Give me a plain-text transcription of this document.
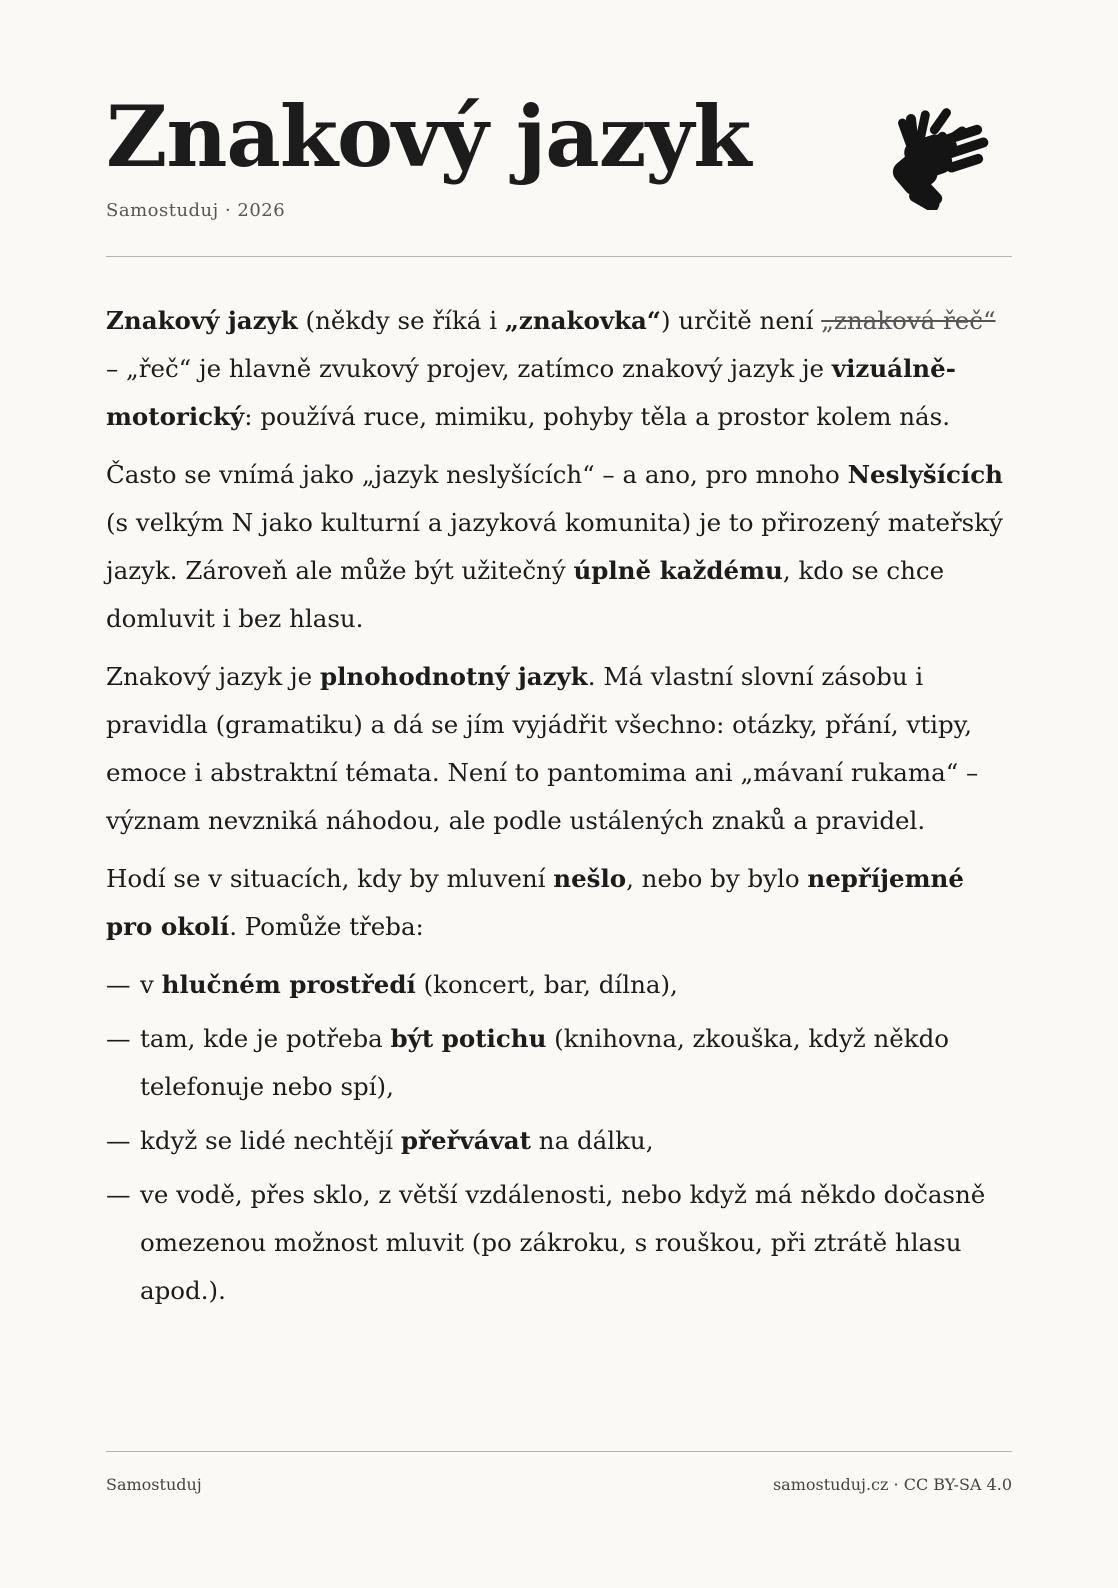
Znakový jazyk
Samostuduj · 2026

Znakový jazyk (někdy se říká i „znakovka“) určitě není „znaková řeč“ – „řeč“ je hlavně zvukový projev, zatímco znakový jazyk je vizuálně-motorický: používá ruce, mimiku, pohyby těla a prostor kolem nás.

Často se vnímá jako „jazyk neslyšících“ – a ano, pro mnoho Neslyšících (s velkým N jako kulturní a jazyková komunita) je to přirozený mateřský jazyk. Zároveň ale může být užitečný úplně každému, kdo se chce domluvit i bez hlasu.

Znakový jazyk je plnohodnotný jazyk. Má vlastní slovní zásobu i pravidla (gramatiku) a dá se jím vyjádřit všechno: otázky, přání, vtipy, emoce i abstraktní témata. Není to pantomima ani „mávaní rukama“ – význam nevzniká náhodou, ale podle ustálených znaků a pravidel.

Hodí se v situacích, kdy by mluvení nešlo, nebo by bylo nepříjemné pro okolí. Pomůže třeba:

— v hlučném prostředí (koncert, bar, dílna),
— tam, kde je potřeba být potichu (knihovna, zkouška, když někdo telefonuje nebo spí),
— když se lidé nechtějí přeřvávat na dálku,
— ve vodě, přes sklo, z větší vzdálenosti, nebo když má někdo dočasně omezenou možnost mluvit (po zákroku, s rouškou, při ztrátě hlasu apod.).
Samostuduj	samostuduj.cz · CC BY-SA 4.0
